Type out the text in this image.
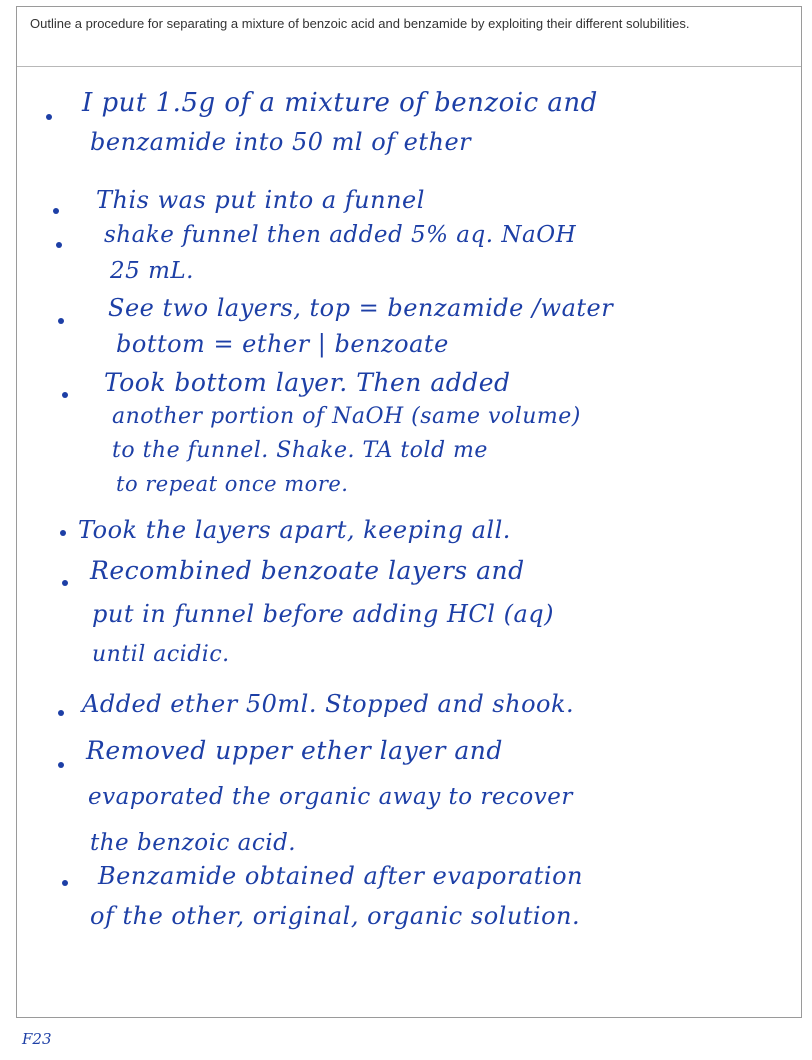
Outline a procedure for separating a mixture of benzoic acid and benzamide by exploiting their different solubilities.
I put 1.5g of a mixture of benzoic and
benzamide into 50 ml of ether
This was put into a funnel
shake funnel then added 5% aq. NaOH
25 mL.
See two layers, top = benzamide /water
bottom = ether | benzoate
Took bottom layer. Then added
another portion of NaOH (same volume)
to the funnel. Shake. TA told me
to repeat once more.
Took the layers apart, keeping all.
Recombined benzoate layers and
put in funnel before adding HCl (aq)
until acidic.
Added ether 50ml. Stopped and shook.
Removed upper ether layer and
evaporated the organic away to recover
the benzoic acid.
Benzamide obtained after evaporation
of the other, original, organic solution.
F23
